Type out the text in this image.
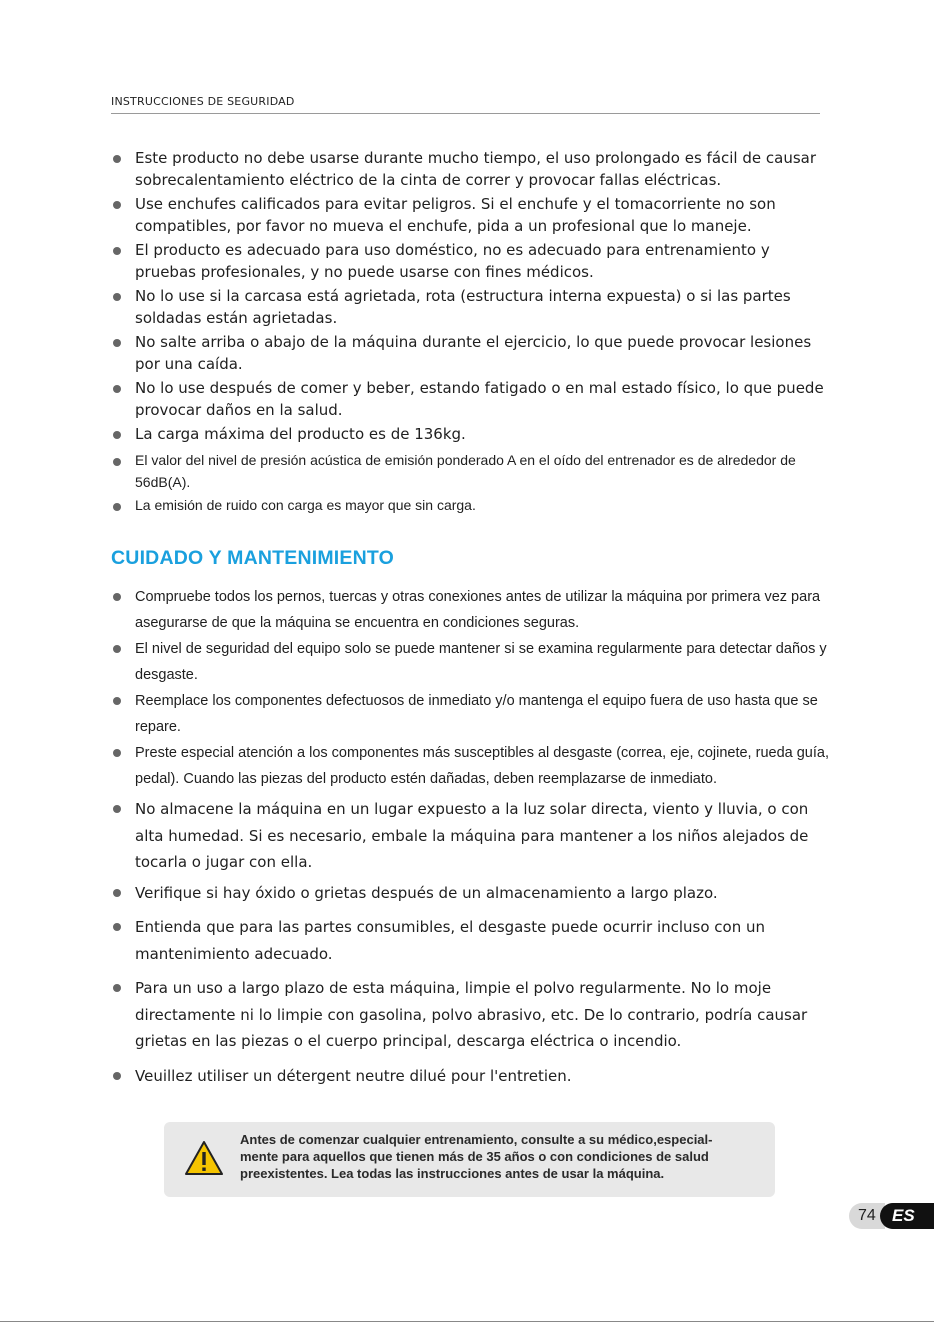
INSTRUCCIONES DE SEGURIDAD
Este producto no debe usarse durante mucho tiempo, el uso prolongado es fácil de causar sobrecalentamiento eléctrico de la cinta de correr y provocar fallas eléctricas.
Use enchufes calificados para evitar peligros. Si el enchufe y el tomacorriente no son compatibles, por favor no mueva el enchufe, pida a un profesional que lo maneje.
El producto es adecuado para uso doméstico, no es adecuado para entrenamiento y pruebas profesionales, y no puede usarse con fines médicos.
No lo use si la carcasa está agrietada, rota (estructura interna expuesta) o si las partes soldadas están agrietadas.
No salte arriba o abajo de la máquina durante el ejercicio, lo que puede provocar lesiones por una caída.
No lo use después de comer y beber, estando fatigado o en mal estado físico, lo que puede provocar daños en la salud.
La carga máxima del producto es de 136kg.
El valor del nivel de presión acústica de emisión ponderado A en el oído del entrenador es de alrededor de 56dB(A).
La emisión de ruido con carga es mayor que sin carga.
CUIDADO Y MANTENIMIENTO
Compruebe todos los pernos, tuercas y otras conexiones antes de utilizar la máquina por primera vez para asegurarse de que la máquina se encuentra en condiciones seguras.
El nivel de seguridad del equipo solo se puede mantener si se examina regularmente para detectar daños y desgaste.
Reemplace los componentes defectuosos de inmediato y/o mantenga el equipo fuera de uso hasta que se repare.
Preste especial atención a los componentes más susceptibles al desgaste (correa, eje, cojinete, rueda guía, pedal). Cuando las piezas del producto estén dañadas, deben reemplazarse de inmediato.
No almacene la máquina en un lugar expuesto a la luz solar directa, viento y lluvia, o con alta humedad. Si es necesario, embale la máquina para mantener a los niños alejados de tocarla o jugar con ella.
Verifique si hay óxido o grietas después de un almacenamiento a largo plazo.
Entienda que para las partes consumibles, el desgaste puede ocurrir incluso con un mantenimiento adecuado.
Para un uso a largo plazo de esta máquina, limpie el polvo regularmente. No lo moje directamente ni lo limpie con gasolina, polvo abrasivo, etc. De lo contrario, podría causar grietas en las piezas o el cuerpo principal, descarga eléctrica o incendio.
Veuillez utiliser un détergent neutre dilué pour l'entretien.
Antes de comenzar cualquier entrenamiento, consulte a su médico,especial-
mente para aquellos que tienen más de 35 años o con condiciones de salud
preexistentes. Lea todas las instrucciones antes de usar la máquina.
74 ES
